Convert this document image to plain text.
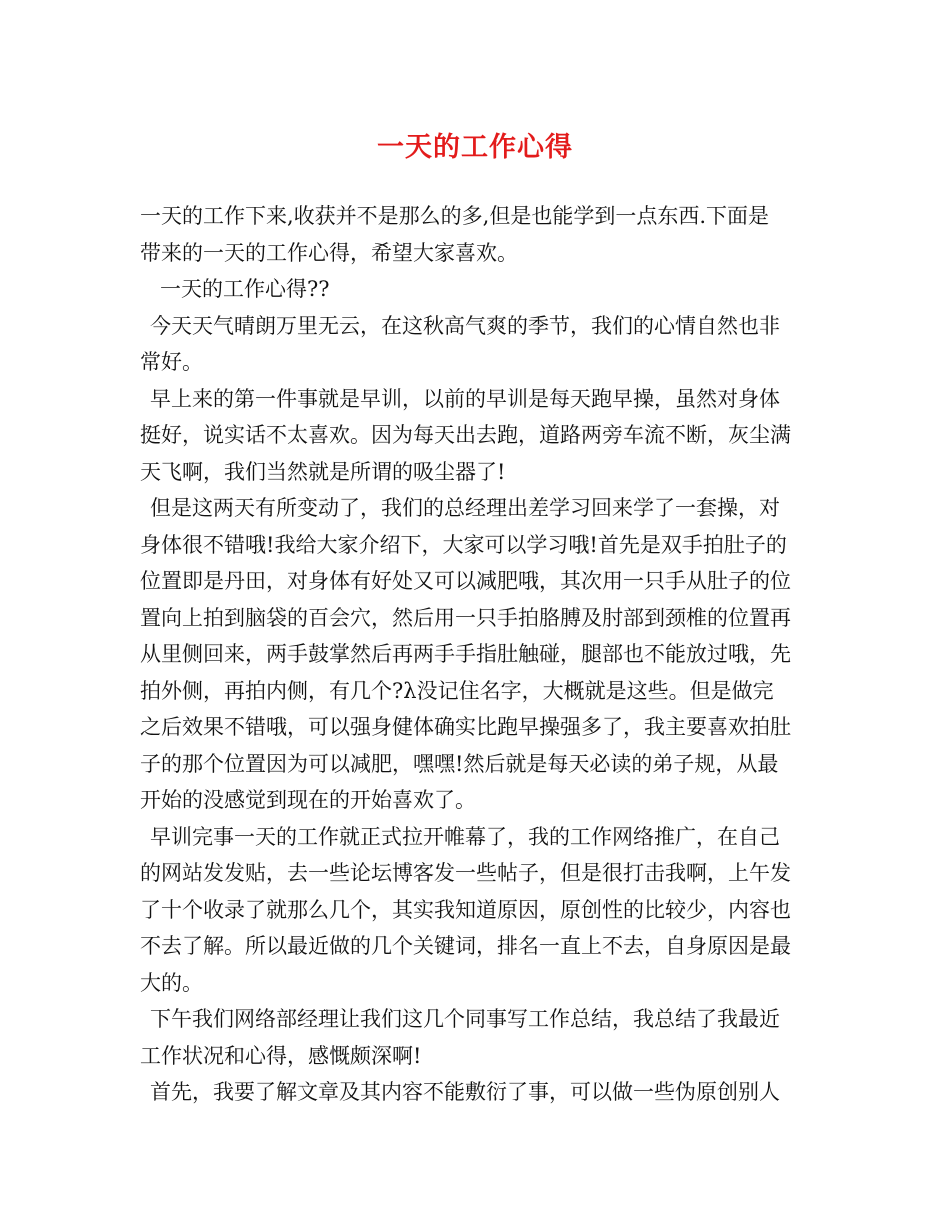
一天的工作心得
一天的工作下来,收获并不是那么的多,但是也能学到一点东西.下面是
带来的一天的工作心得，希望大家喜欢。
一天的工作心得??
今天天气晴朗万里无云，在这秋高气爽的季节，我们的心情自然也非
常好。
早上来的第一件事就是早训，以前的早训是每天跑早操，虽然对身体
挺好，说实话不太喜欢。因为每天出去跑，道路两旁车流不断，灰尘满
天飞啊，我们当然就是所谓的吸尘器了!
但是这两天有所变动了，我们的总经理出差学习回来学了一套操，对
身体很不错哦!我给大家介绍下，大家可以学习哦!首先是双手拍肚子的
位置即是丹田，对身体有好处又可以减肥哦，其次用一只手从肚子的位
置向上拍到脑袋的百会穴，然后用一只手拍胳膊及肘部到颈椎的位置再
从里侧回来，两手鼓掌然后再两手手指肚触碰，腿部也不能放过哦，先
拍外侧，再拍内侧，有几个?λ没记住名字，大概就是这些。但是做完
之后效果不错哦，可以强身健体确实比跑早操强多了，我主要喜欢拍肚
子的那个位置因为可以减肥，嘿嘿!然后就是每天必读的弟子规，从最
开始的没感觉到现在的开始喜欢了。
早训完事一天的工作就正式拉开帷幕了，我的工作网络推广，在自己
的网站发发贴，去一些论坛博客发一些帖子，但是很打击我啊，上午发
了十个收录了就那么几个，其实我知道原因，原创性的比较少，内容也
不去了解。所以最近做的几个关键词，排名一直上不去，自身原因是最
大的。
下午我们网络部经理让我们这几个同事写工作总结，我总结了我最近
工作状况和心得，感慨颇深啊!
首先，我要了解文章及其内容不能敷衍了事，可以做一些伪原创别人
